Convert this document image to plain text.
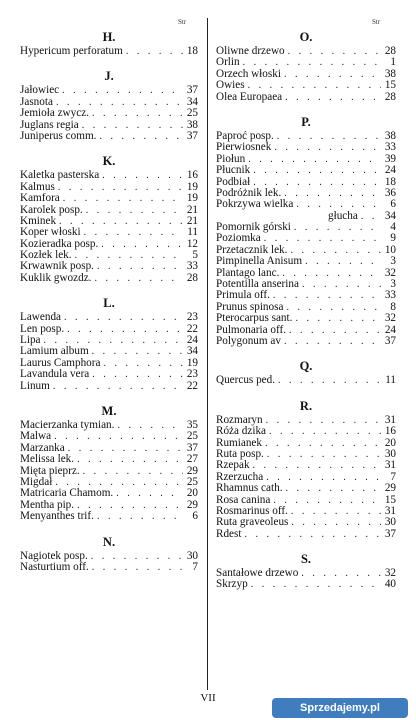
Str	Str
H.
Hypericum perforatum . . .	18
J.
Jałowiec . . .	37
Jasnota . . .	34
Jemioła zwycz. . . .	25
Juglans regia . . .	38
Juniperus comm. . . .	37
K.
Kaletka pasterska . . .	16
Kalmus . . .	19
Kamfora . . .	19
Karolek posp. . . .	21
Kminek . . .	21
Koper włoski . . .	11
Kozieradka posp. . . .	12
Kozłek lek. . . .	5
Krwawnik posp. . . .	33
Kuklik gwozdz. . . .	28
L.
Lawenda . . .	23
Len posp. . . .	22
Lipa . . .	24
Lamium album . . .	34
Laurus Camphora . . .	19
Lavandula vera . . .	23
Linum . . .	22
M.
Macierzanka tymian. . . .	35
Malwa . . .	25
Marzanka . . .	37
Melissa lek. . . .	27
Mięta pieprz. . . .	29
Migdał . . .	25
Matricaria Chamom. . . .	20
Mentha pip. . . .	29
Menyanthes trif. . . .	6
N.
Nagiotek posp. . . .	30
Nasturtium off. . . .	7
O.
Oliwne drzewo . . .	28
Orlin . . .	1
Orzech włoski . . .	38
Owies . . .	15
Olea Europaea . . .	28
P.
Paproć posp. . . .	38
Pierwiosnek . . .	33
Piołun . . .	39
Płucnik . . .	24
Podbiał . . .	18
Podróżnik lek. . . .	36
Pokrzywa wielka . . .	6
głucha . . . 34
Pomornik górski . . .	4
Poziomka . . .	9
Przetacznik lek. . . .	10
Pimpinella Anisum . . .	3
Plantago lanc. . . .	32
Potentilla anserina . . .	3
Primula off. . . .	33
Prunus spinosa . . .	8
Pterocarpus sant. . . .	32
Pulmonaria off. . . .	24
Polygonum av . . .	37
Q.
Quercus ped. . . .	11
R.
Rozmaryn . . .	31
Róża dzika . . .	16
Rumianek . . .	20
Ruta posp. . . .	30
Rzepak . . .	31
Rzerzucha . . .	7
Rhamnus cath. . . .	29
Rosa canina . . .	15
Rosmarinus off. . . .	31
Ruta graveoleus . . .	30
Rdest . . .	37
S.
Santałowe drzewo . . .	32
Skrzyp . . .	40
VII
Sprzedajemy.pl
